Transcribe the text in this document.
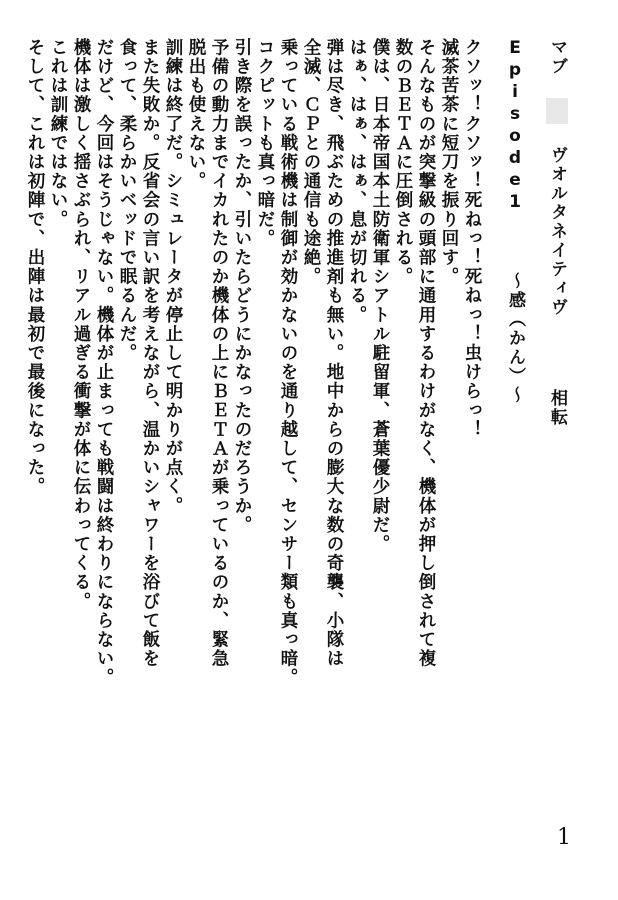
マブ  ヴオルタネイティヴ  相転
Episode1  ～感（かん）～
クソッ！クソッ！死ねっ！死ねっ！虫けらっ！
滅茶苦茶に短刀を振り回す。
そんなものが突撃級の頭部に通用するわけがなく、機体が押し倒されて複
数のＢＥＴＡに圧倒される。
僕は、日本帝国本土防衛軍シアトル駐留軍、蒼葉優少尉だ。
はぁ、はぁ、はぁ、息が切れる。
弾は尽き、飛ぶための推進剤も無い。地中からの膨大な数の奇襲、小隊は
全滅、ＣＰとの通信も途絶。
乗っている戦術機は制御が効かないのを通り越して、センサー類も真っ暗。
コクピットも真っ暗だ。
引き際を誤ったか、引いたらどうにかなったのだろうか。
予備の動力までイカれたのか機体の上にＢＥＴＡが乗っているのか、緊急
脱出も使えない。
訓練は終了だ。シミュレータが停止して明かりが点く。
また失敗か。反省会の言い訳を考えながら、温かいシャワーを浴びて飯を
食って、柔らかいベッドで眠るんだ。
だけど、今回はそうじゃない。機体が止まっても戦闘は終わりにならない。
機体は激しく揺さぶられ、リアル過ぎる衝撃が体に伝わってくる。
これは訓練ではない。
そして、これは初陣で、出陣は最初で最後になった。
1
